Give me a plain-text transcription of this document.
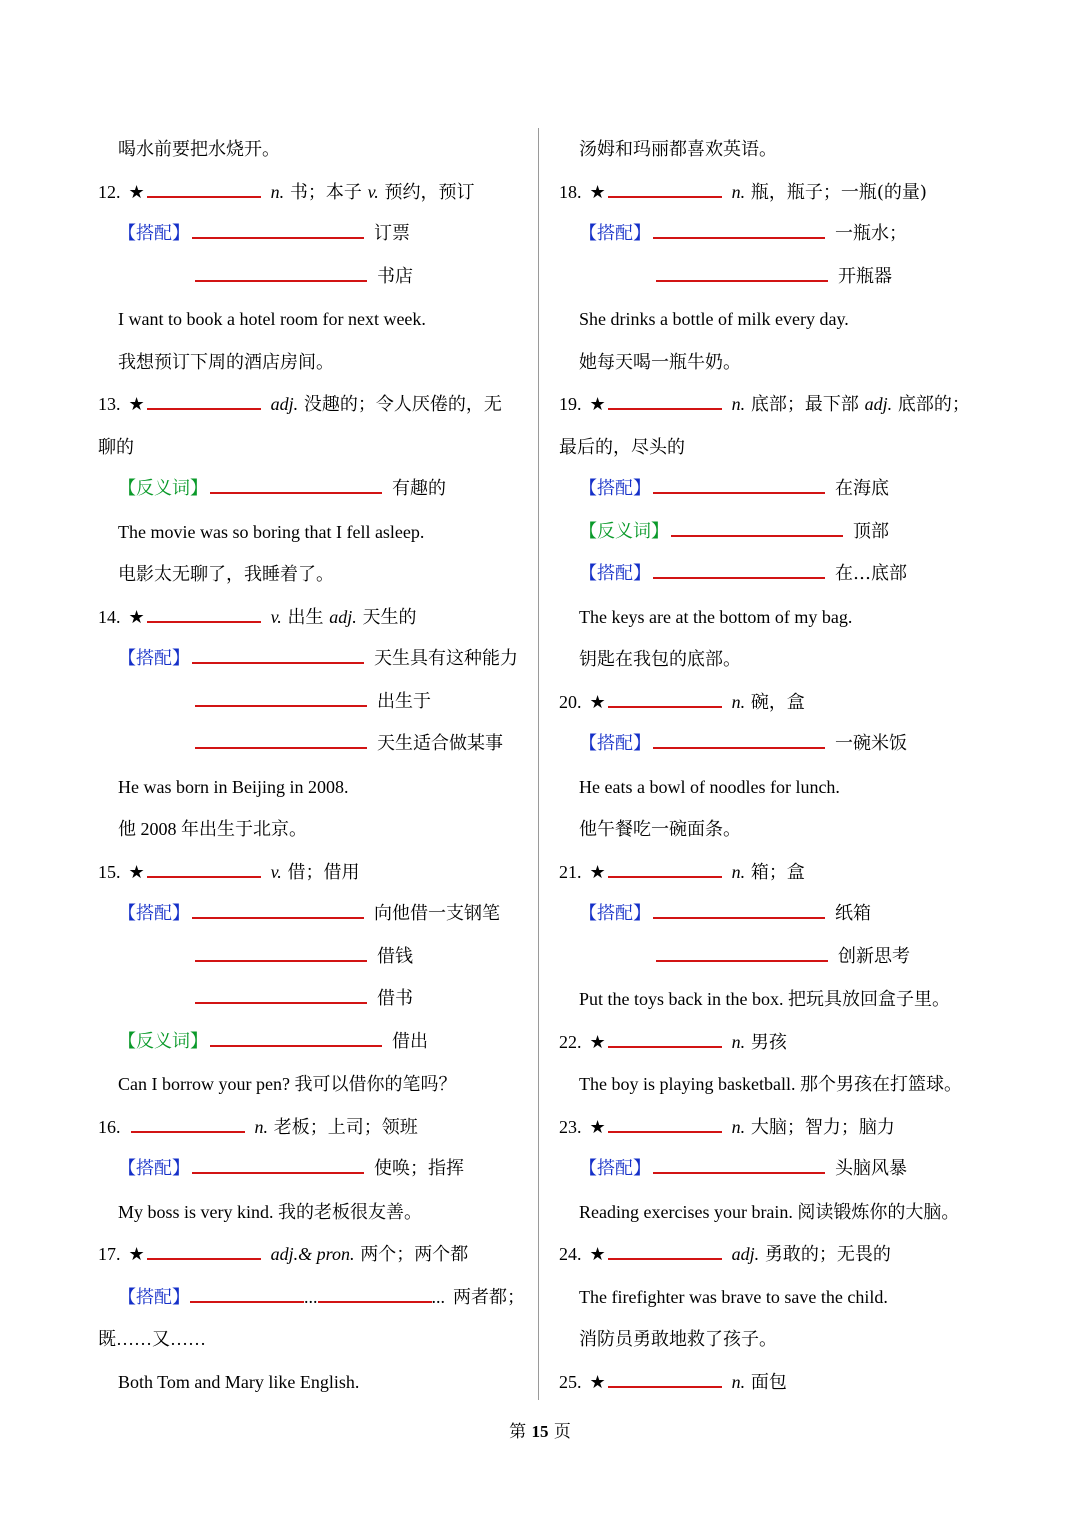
喝水前要把水烧开。
12. ★	n. 书；本子 v. 预约，预订
【搭配】	订票
书店
I want to book a hotel room for next week.
我想预订下周的酒店房间。
13. ★	adj. 没趣的；令人厌倦的，无
聊的
【反义词】	有趣的
The movie was so boring that I fell asleep.
电影太无聊了，我睡着了。
14. ★	v. 出生 adj. 天生的
【搭配】	天生具有这种能力
出生于
天生适合做某事
He was born in Beijing in 2008.
他 2008 年出生于北京。
15. ★	v. 借；借用
【搭配】	向他借一支钢笔
借钱
借书
【反义词】	借出
Can I borrow your pen? 我可以借你的笔吗？
16.	n. 老板；上司；领班
【搭配】	使唤；指挥
My boss is very kind. 我的老板很友善。
17. ★	adj.& pron. 两个；两个都
【搭配】	...	... 两者都；
既……又……
Both Tom and Mary like English.
汤姆和玛丽都喜欢英语。
18. ★	n. 瓶，瓶子；一瓶(的量)
【搭配】	一瓶水；
开瓶器
She drinks a bottle of milk every day.
她每天喝一瓶牛奶。
19. ★	n. 底部；最下部 adj. 底部的；
最后的，尽头的
【搭配】	在海底
【反义词】	顶部
【搭配】	在…底部
The keys are at the bottom of my bag.
钥匙在我包的底部。
20. ★	n. 碗，盒
【搭配】	一碗米饭
He eats a bowl of noodles for lunch.
他午餐吃一碗面条。
21. ★	n. 箱；盒
【搭配】	纸箱
创新思考
Put the toys back in the box. 把玩具放回盒子里。
22. ★	n. 男孩
The boy is playing basketball. 那个男孩在打篮球。
23. ★	n. 大脑；智力；脑力
【搭配】	头脑风暴
Reading exercises your brain. 阅读锻炼你的大脑。
24. ★	adj. 勇敢的；无畏的
The firefighter was brave to save the child.
消防员勇敢地救了孩子。
25. ★	n. 面包
第 15 页
